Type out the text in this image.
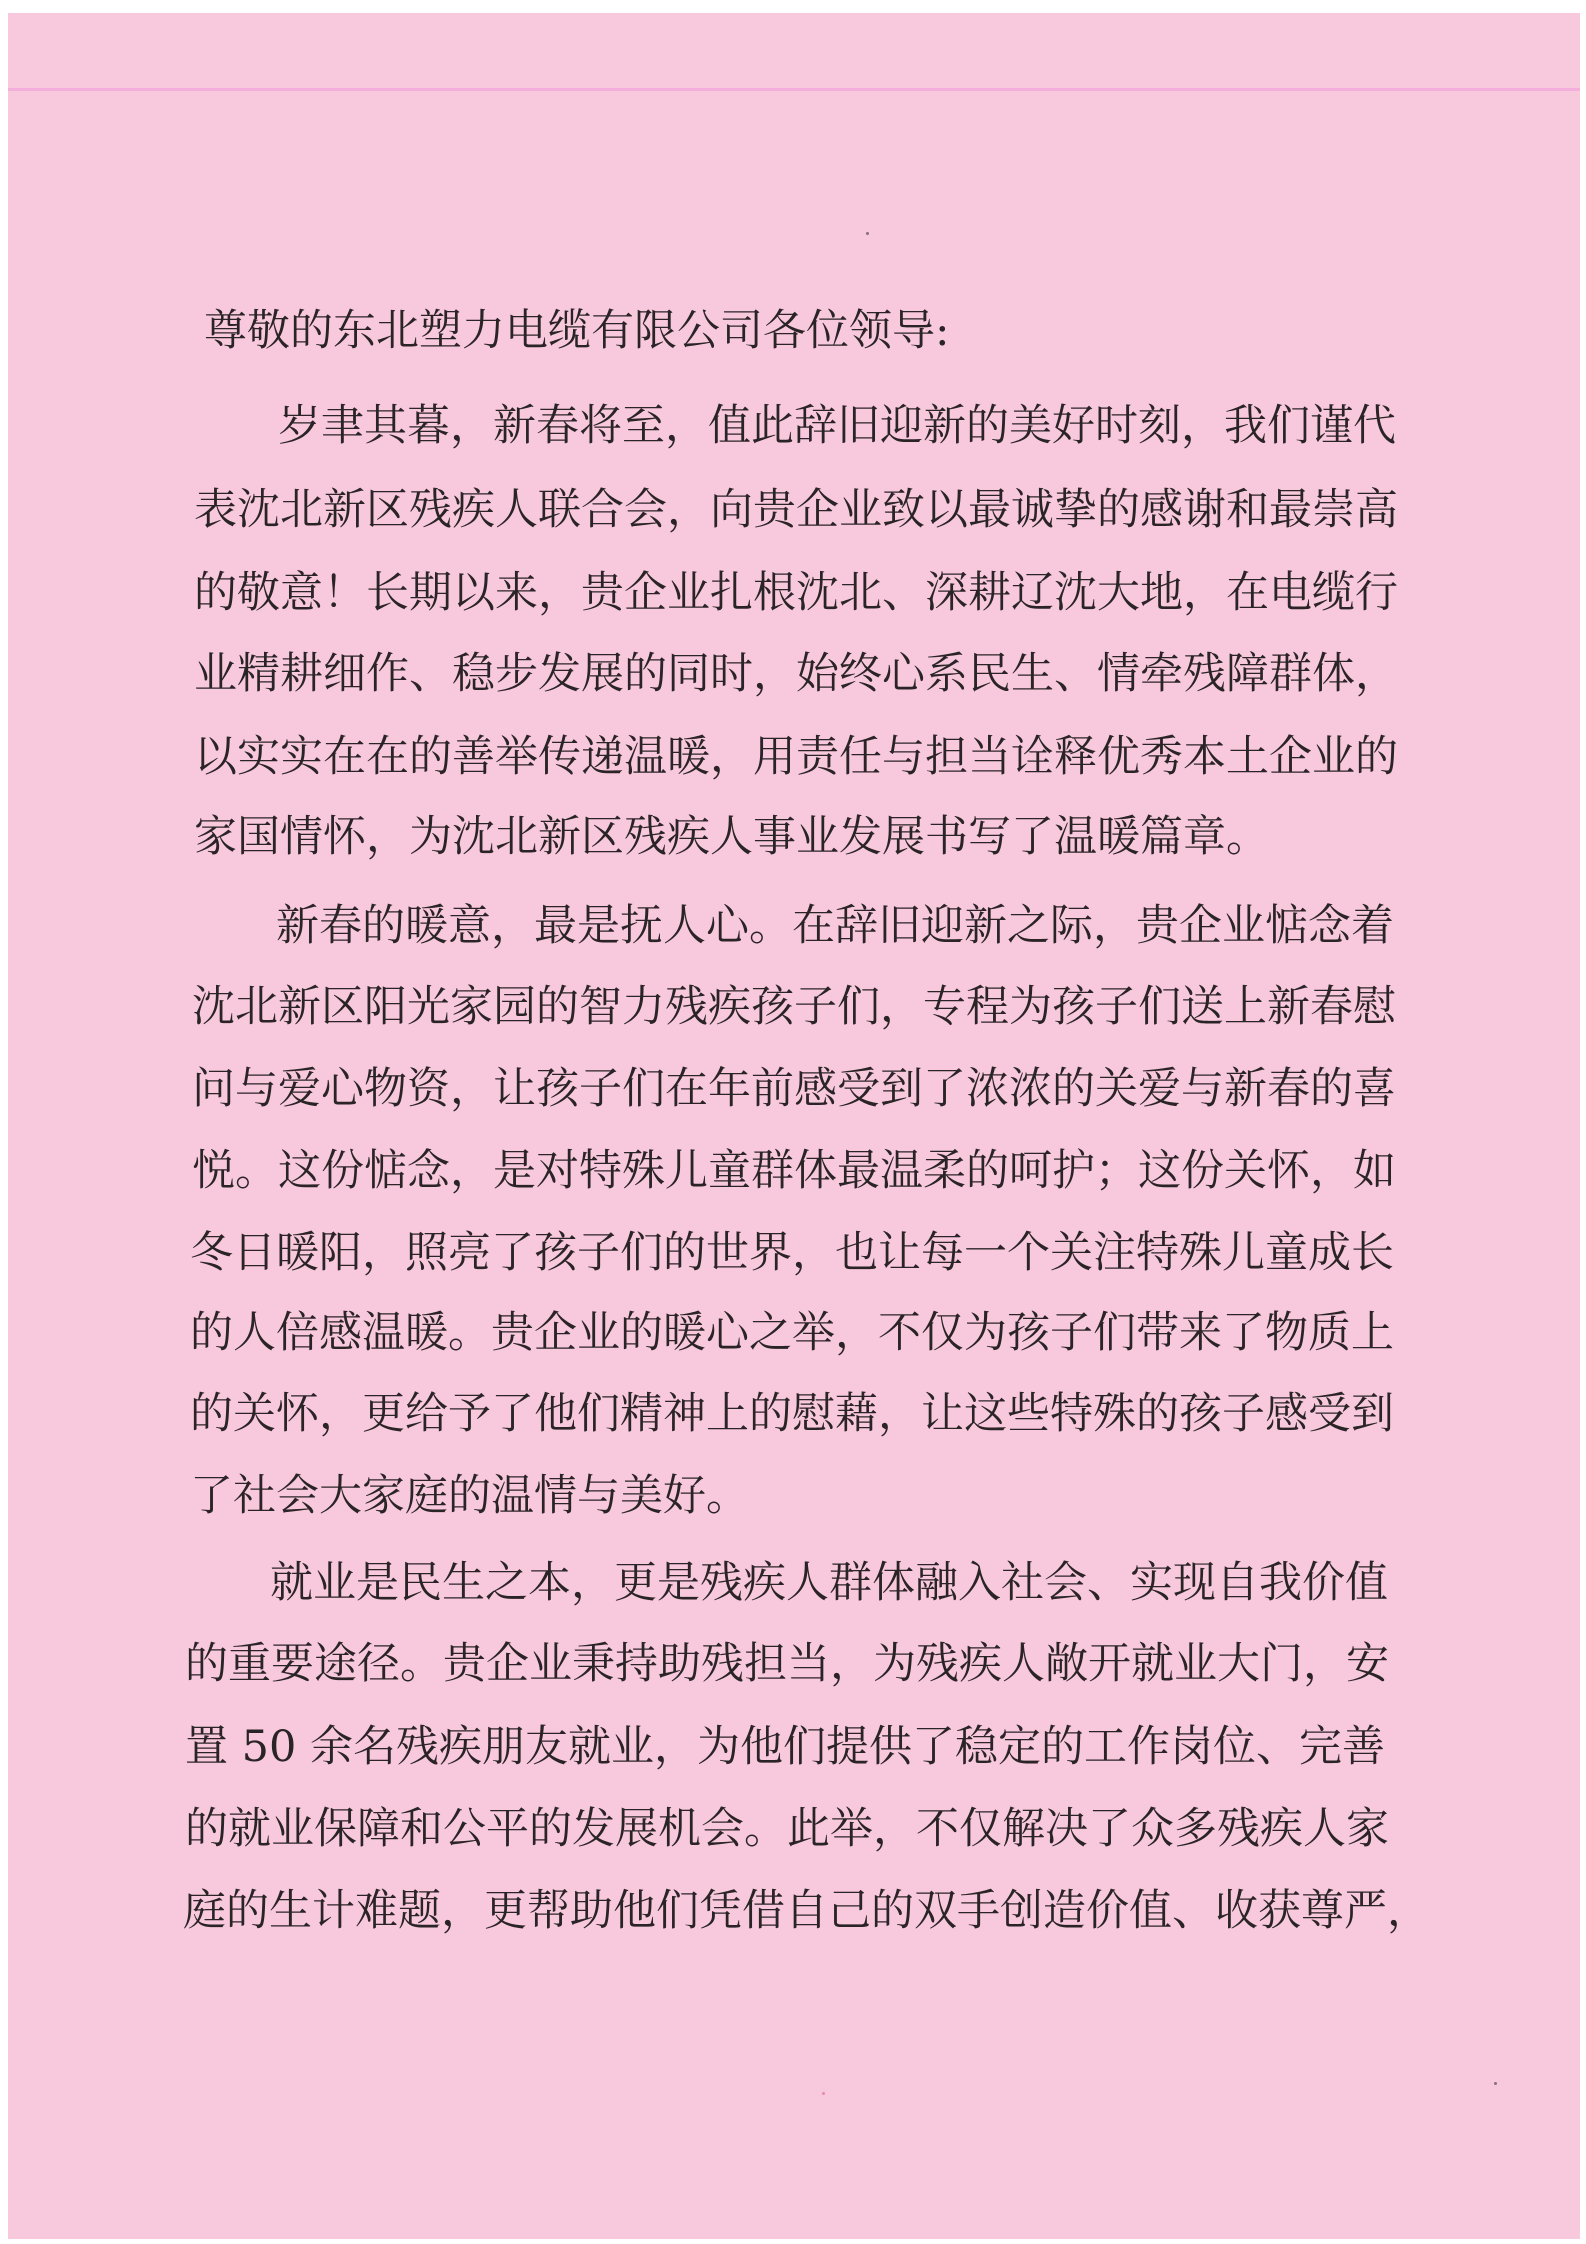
尊敬的东北塑力电缆有限公司各位领导:
岁聿其暮，新春将至，值此辞旧迎新的美好时刻，我们谨代
表沈北新区残疾人联合会，向贵企业致以最诚挚的感谢和最崇高
的敬意！长期以来，贵企业扎根沈北、深耕辽沈大地，在电缆行
业精耕细作、稳步发展的同时，始终心系民生、情牵残障群体，
以实实在在的善举传递温暖，用责任与担当诠释优秀本土企业的
家国情怀，为沈北新区残疾人事业发展书写了温暖篇章。
新春的暖意，最是抚人心。在辞旧迎新之际，贵企业惦念着
沈北新区阳光家园的智力残疾孩子们，专程为孩子们送上新春慰
问与爱心物资，让孩子们在年前感受到了浓浓的关爱与新春的喜
悦。这份惦念，是对特殊儿童群体最温柔的呵护；这份关怀，如
冬日暖阳，照亮了孩子们的世界，也让每一个关注特殊儿童成长
的人倍感温暖。贵企业的暖心之举，不仅为孩子们带来了物质上
的关怀，更给予了他们精神上的慰藉，让这些特殊的孩子感受到
了社会大家庭的温情与美好。
就业是民生之本，更是残疾人群体融入社会、实现自我价值
的重要途径。贵企业秉持助残担当，为残疾人敞开就业大门，安
置 50 余名残疾朋友就业，为他们提供了稳定的工作岗位、完善
的就业保障和公平的发展机会。此举，不仅解决了众多残疾人家
庭的生计难题，更帮助他们凭借自己的双手创造价值、收获尊严，
